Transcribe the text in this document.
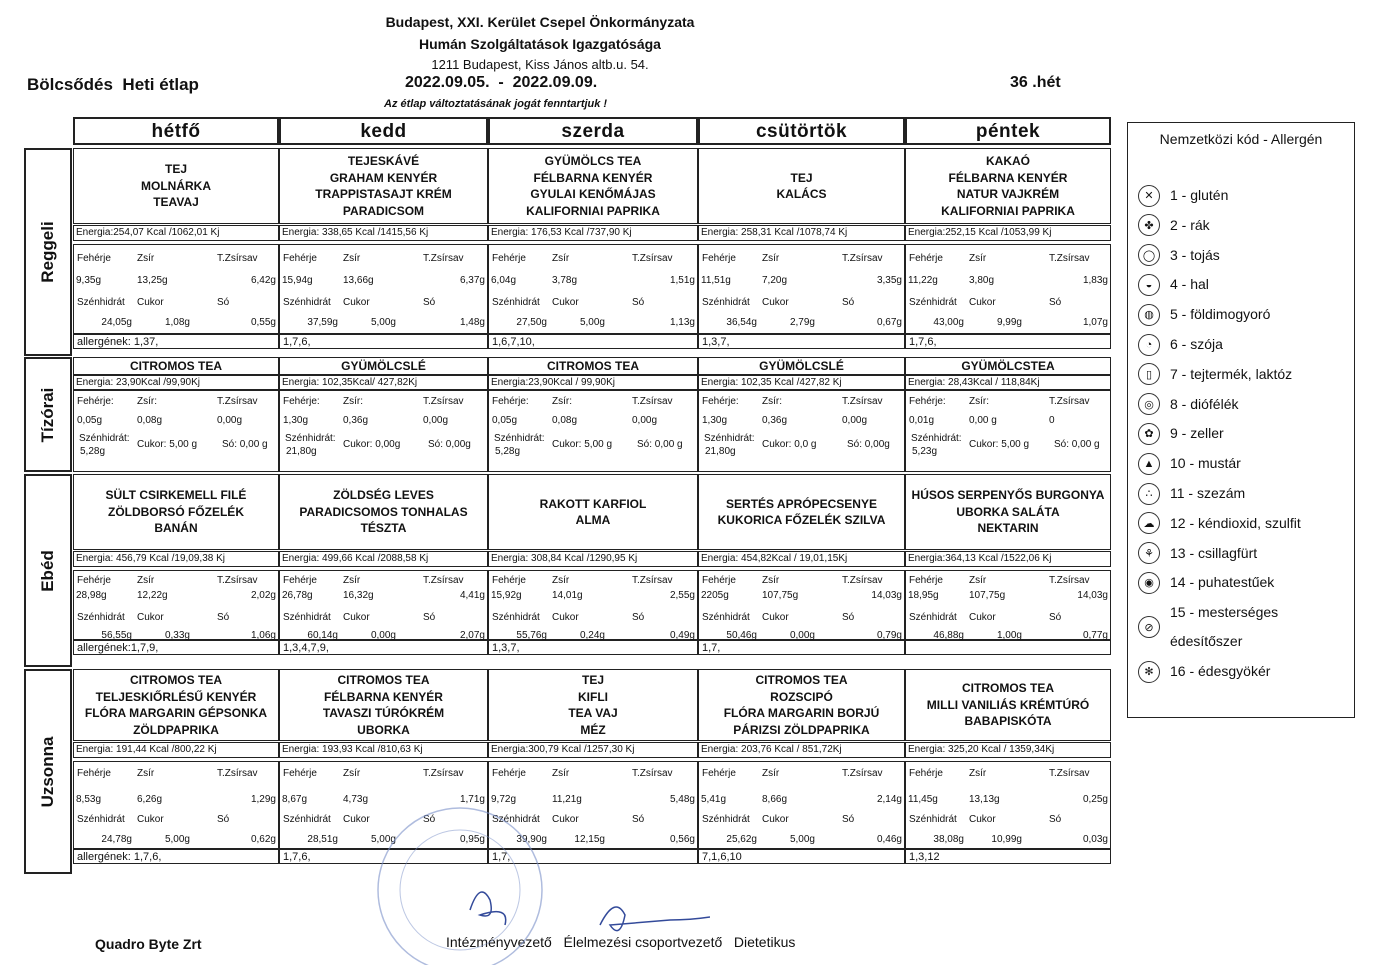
Budapest, XXI. Kerület Csepel Önkormányzata
Humán Szolgáltatások Igazgatósága
1211 Budapest, Kiss János altb.u. 54.
Bölcsődés  Heti étlap	2022.09.05.  -  2022.09.09.	36 .hét
Az étlap változtatásának jogát fenntartjuk !
hétfő	kedd	szerda	csütörtök	péntek
Reggeli
TEJ
MOLNÁRKA
TEAVAJ
Energia:254,07 Kcal /1062,01 Kj
Fehérje	Zsír	T.Zsírsav
9,35g	13,25g	6,42g
Szénhidrát Cukor	Só
24,05g	1,08g	0,55g
allergének: 1,37,
TEJESKÁVÉ
GRAHAM KENYÉR
TRAPPISTASAJT KRÉM
PARADICSOM
Energia: 338,65 Kcal /1415,56 Kj
Fehérje	Zsír	T.Zsírsav
15,94g	13,66g	6,37g
Szénhidrát Cukor	Só
37,59g	5,00g	1,48g
1,7,6,
GYÜMÖLCS TEA
FÉLBARNA KENYÉR
GYULAI KENŐMÁJAS
KALIFORNIAI PAPRIKA
Energia: 176,53 Kcal /737,90 Kj
Fehérje	Zsír	T.Zsírsav
6,04g	3,78g	1,51g
Szénhidrát Cukor	Só
27,50g	5,00g	1,13g
1,6,7,10,
TEJ
KALÁCS
Energia: 258,31 Kcal /1078,74 Kj
Fehérje	Zsír	T.Zsírsav
11,51g	7,20g	3,35g
Szénhidrát Cukor	Só
36,54g	2,79g	0,67g
1,3,7,
KAKAÓ
FÉLBARNA KENYÉR
NATUR VAJKRÉM
KALIFORNIAI PAPRIKA
Energia:252,15 Kcal /1053,99 Kj
Fehérje	Zsír	T.Zsírsav
11,22g	3,80g	1,83g
Szénhidrát Cukor	Só
43,00g	9,99g	1,07g
1,7,6,
Tízórai
CITROMOS TEA
Energia: 23,90Kcal /99,90Kj
Fehérje: Zsír:	T.Zsírsav
0,05g	0,08g	0,00g
Szénhidrát:
5,28g
Cukor: 5,00 g Só: 0,00 g
GYÜMÖLCSLÉ
Energia: 102,35Kcal/ 427,82Kj
Fehérje: Zsír:	T.Zsírsav
1,30g	0,36g	0,00g
Szénhidrát:
21,80g
Cukor: 0,00g	Só: 0,00g
CITROMOS TEA
Energia:23,90Kcal / 99,90Kj
Fehérje: Zsír:	T.Zsírsav
0,05g	0,08g	0,00g
Szénhidrát:
5,28g
Cukor: 5,00 g Só: 0,00 g
GYÜMÖLCSLÉ
Energia: 102,35 Kcal /427,82 Kj
Fehérje: Zsír:	T.Zsírsav
1,30g	0,36g	0,00g
Szénhidrát:
21,80g
Cukor: 0,0 g	Só: 0,00g
GYÜMÖLCSTEA
Energia: 28,43Kcal / 118,84Kj
Fehérje: Zsír:	T.Zsírsav
0,01g	0,00 g	0
Szénhidrát:
5,23g
Cukor: 5,00 g Só: 0,00 g
Ebéd
SÜLT CSIRKEMELL FILÉ
ZÖLDBORSÓ FŐZELÉK
BANÁN
Energia: 456,79 Kcal /19,09,38 Kj
Fehérje	Zsír	T.Zsírsav
28,98g	12,22g	2,02g
Szénhidrát Cukor	Só
56,55g	0,33g	1,06g
allergének:1,7,9,
ZÖLDSÉG LEVES
PARADICSOMOS TONHALAS
TÉSZTA
Energia: 499,66 Kcal /2088,58 Kj
Fehérje	Zsír	T.Zsírsav
26,78g	16,32g	4,41g
Szénhidrát Cukor	Só
60,14g	0,00g	2,07g
1,3,4,7,9,
RAKOTT KARFIOL
ALMA
Energia: 308,84 Kcal /1290,95 Kj
Fehérje	Zsír	T.Zsírsav
15,92g	14,01g	2,55g
Szénhidrát Cukor	Só
55,76g	0,24g	0,49g
1,3,7,
SERTÉS APRÓPECSENYE
KUKORICA FŐZELÉK SZILVA
Energia: 454,82Kcal / 19,01,15Kj
Fehérje	Zsír	T.Zsírsav
2205g	107,75g	14,03g
Szénhidrát Cukor	Só
50,46g	0,00g	0,79g
1,7,
HÚSOS SERPENYŐS BURGONYA
UBORKA SALÁTA
NEKTARIN
Energia:364,13 Kcal /1522,06 Kj
Fehérje	Zsír	T.Zsírsav
18,95g	107,75g	14,03g
Szénhidrát Cukor	Só
46,88g	1,00g	0,77g
Uzsonna
CITROMOS TEA
TELJESKIŐRLÉSŰ KENYÉR
FLÓRA MARGARIN GÉPSONKA
ZÖLDPAPRIKA
Energia: 191,44 Kcal /800,22 Kj
Fehérje	Zsír	T.Zsírsav
8,53g	6,26g	1,29g
Szénhidrát Cukor	Só
24,78g	5,00g	0,62g
allergének: 1,7,6,
CITROMOS TEA
FÉLBARNA KENYÉR
TAVASZI TÚRÓKRÉM
UBORKA
Energia: 193,93 Kcal /810,63 Kj
Fehérje	Zsír	T.Zsírsav
8,67g	4,73g	1,71g
Szénhidrát Cukor	Só
28,51g	5,00g	0,95g
1,7,6,
TEJ
KIFLI
TEA VAJ
MÉZ
Energia:300,79 Kcal /1257,30 Kj
Fehérje	Zsír	T.Zsírsav
9,72g	11,21g	5,48g
Szénhidrát Cukor	Só
39,90g	12,15g	0,56g
1,7,
CITROMOS TEA
ROZSCIPÓ
FLÓRA MARGARIN BORJÚ
PÁRIZSI ZÖLDPAPRIKA
Energia: 203,76 Kcal / 851,72Kj
Fehérje	Zsír	T.Zsírsav
5,41g	8,66g	2,14g
Szénhidrát Cukor	Só
25,62g	5,00g	0,46g
7,1,6,10
CITROMOS TEA
MILLI VANILIÁS KRÉMTÚRÓ
BABAPISKÓTA
Energia: 325,20 Kcal / 1359,34Kj
Fehérje	Zsír	T.Zsírsav
11,45g	13,13g	0,25g
Szénhidrát Cukor	Só
38,08g	10,99g	0,03g
1,3,12
Nemzetközi kód - Allergén
✕	1 - glutén
✤	2 - rák
◯	3 - tojás
◒	4 - hal
◍	5 - földimogyoró
◔	6 - szója
▯	7 - tejtermék, laktóz
◎	8 - diófélék
✿	9 - zeller
▲	10 - mustár
∴	11 - szezám
☁	12 - kéndioxid, szulfit
⚘	13 - csillagfürt
◉	14 - puhatestűek
⊘
15 - mesterséges
édesítőszer
✻	16 - édesgyökér
Quadro Byte Zrt	Intézményvezető   Élelmezési csoportvezető   Dietetikus
